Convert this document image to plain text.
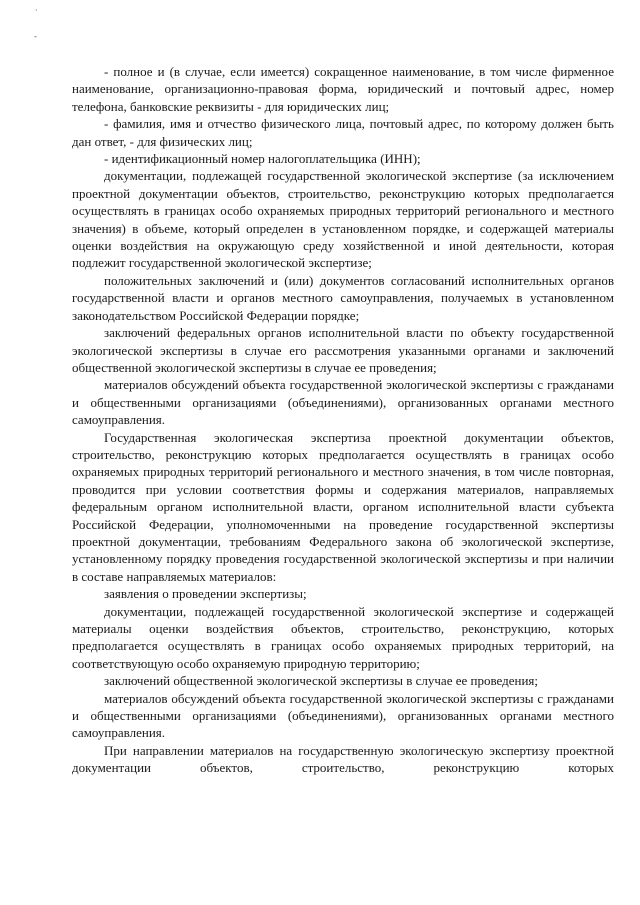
·
-

- полное и (в случае, если имеется) сокращенное наименование, в том числе фирменное наименование, организационно-правовая форма, юридический и почтовый адрес, номер телефона, банковские реквизиты - для юридических лиц;

- фамилия, имя и отчество физического лица, почтовый адрес, по которому должен быть дан ответ, - для физических лиц;

- идентификационный номер налогоплательщика (ИНН);

документации, подлежащей государственной экологической экспертизе (за исключением проектной документации объектов, строительство, реконструкцию которых предполагается осуществлять в границах особо охраняемых природных территорий регионального и местного значения) в объеме, который определен в установленном порядке, и содержащей материалы оценки воздействия на окружающую среду хозяйственной и иной деятельности, которая подлежит государственной экологической экспертизе;

положительных заключений и (или) документов согласований исполнительных органов государственной власти и органов местного самоуправления, получаемых в установленном законодательством Российской Федерации порядке;

заключений федеральных органов исполнительной власти по объекту государственной экологической экспертизы в случае его рассмотрения указанными органами и заключений общественной экологической экспертизы в случае ее проведения;

материалов обсуждений объекта государственной экологической экспертизы с гражданами и общественными организациями (объединениями), организованных органами местного самоуправления.

Государственная экологическая экспертиза проектной документации объектов, строительство, реконструкцию которых предполагается осуществлять в границах особо охраняемых природных территорий регионального и местного значения, в том числе повторная, проводится при условии соответствия формы и содержания материалов, направляемых федеральным органом исполнительной власти, органом исполнительной власти субъекта Российской Федерации, уполномоченными на проведение государственной экспертизы проектной документации, требованиям Федерального закона об экологической экспертизе, установленному порядку проведения государственной экологической экспертизы и при наличии в составе направляемых материалов:

заявления о проведении экспертизы;

документации, подлежащей государственной экологической экспертизе и содержащей материалы оценки воздействия объектов, строительство, реконструкцию, которых предполагается осуществлять в границах особо охраняемых природных территорий, на соответствующую особо охраняемую природную территорию;

заключений общественной экологической экспертизы в случае ее проведения;

материалов обсуждений объекта государственной экологической экспертизы с гражданами и общественными организациями (объединениями), организованных органами местного самоуправления.

При направлении материалов на государственную экологическую экспертизу проектной документации объектов, строительство, реконструкцию которых
